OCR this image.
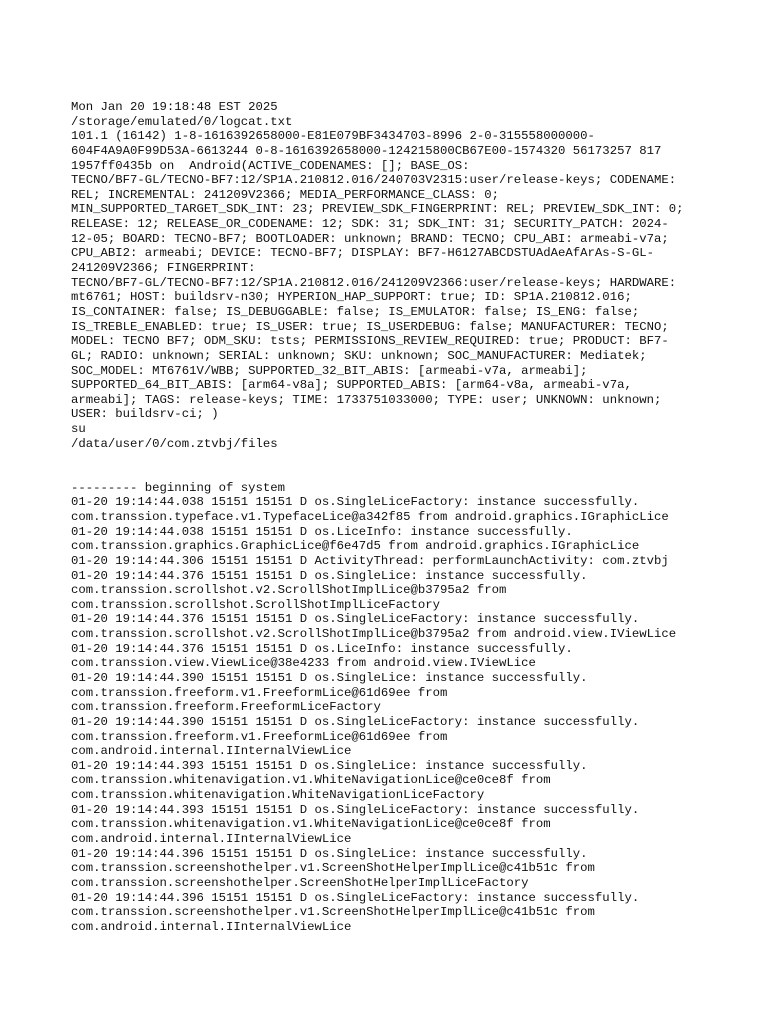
Mon Jan 20 19:18:48 EST 2025
/storage/emulated/0/logcat.txt
101.1 (16142) 1-8-1616392658000-E81E079BF3434703-8996 2-0-315558000000-
604F4A9A0F99D53A-6613244 0-8-1616392658000-124215800CB67E00-1574320 56173257 817
1957ff0435b on  Android(ACTIVE_CODENAMES: []; BASE_OS:
TECNO/BF7-GL/TECNO-BF7:12/SP1A.210812.016/240703V2315:user/release-keys; CODENAME:
REL; INCREMENTAL: 241209V2366; MEDIA_PERFORMANCE_CLASS: 0;
MIN_SUPPORTED_TARGET_SDK_INT: 23; PREVIEW_SDK_FINGERPRINT: REL; PREVIEW_SDK_INT: 0;
RELEASE: 12; RELEASE_OR_CODENAME: 12; SDK: 31; SDK_INT: 31; SECURITY_PATCH: 2024-
12-05; BOARD: TECNO-BF7; BOOTLOADER: unknown; BRAND: TECNO; CPU_ABI: armeabi-v7a;
CPU_ABI2: armeabi; DEVICE: TECNO-BF7; DISPLAY: BF7-H6127ABCDSTUAdAeAfArAs-S-GL-
241209V2366; FINGERPRINT:
TECNO/BF7-GL/TECNO-BF7:12/SP1A.210812.016/241209V2366:user/release-keys; HARDWARE:
mt6761; HOST: buildsrv-n30; HYPERION_HAP_SUPPORT: true; ID: SP1A.210812.016;
IS_CONTAINER: false; IS_DEBUGGABLE: false; IS_EMULATOR: false; IS_ENG: false;
IS_TREBLE_ENABLED: true; IS_USER: true; IS_USERDEBUG: false; MANUFACTURER: TECNO;
MODEL: TECNO BF7; ODM_SKU: tsts; PERMISSIONS_REVIEW_REQUIRED: true; PRODUCT: BF7-
GL; RADIO: unknown; SERIAL: unknown; SKU: unknown; SOC_MANUFACTURER: Mediatek;
SOC_MODEL: MT6761V/WBB; SUPPORTED_32_BIT_ABIS: [armeabi-v7a, armeabi];
SUPPORTED_64_BIT_ABIS: [arm64-v8a]; SUPPORTED_ABIS: [arm64-v8a, armeabi-v7a,
armeabi]; TAGS: release-keys; TIME: 1733751033000; TYPE: user; UNKNOWN: unknown;
USER: buildsrv-ci; )
su
/data/user/0/com.ztvbj/files
--------- beginning of system
01-20 19:14:44.038 15151 15151 D os.SingleLiceFactory: instance successfully.
com.transsion.typeface.v1.TypefaceLice@a342f85 from android.graphics.IGraphicLice
01-20 19:14:44.038 15151 15151 D os.LiceInfo: instance successfully.
com.transsion.graphics.GraphicLice@f6e47d5 from android.graphics.IGraphicLice
01-20 19:14:44.306 15151 15151 D ActivityThread: performLaunchActivity: com.ztvbj
01-20 19:14:44.376 15151 15151 D os.SingleLice: instance successfully.
com.transsion.scrollshot.v2.ScrollShotImplLice@b3795a2 from
com.transsion.scrollshot.ScrollShotImplLiceFactory
01-20 19:14:44.376 15151 15151 D os.SingleLiceFactory: instance successfully.
com.transsion.scrollshot.v2.ScrollShotImplLice@b3795a2 from android.view.IViewLice
01-20 19:14:44.376 15151 15151 D os.LiceInfo: instance successfully.
com.transsion.view.ViewLice@38e4233 from android.view.IViewLice
01-20 19:14:44.390 15151 15151 D os.SingleLice: instance successfully.
com.transsion.freeform.v1.FreeformLice@61d69ee from
com.transsion.freeform.FreeformLiceFactory
01-20 19:14:44.390 15151 15151 D os.SingleLiceFactory: instance successfully.
com.transsion.freeform.v1.FreeformLice@61d69ee from
com.android.internal.IInternalViewLice
01-20 19:14:44.393 15151 15151 D os.SingleLice: instance successfully.
com.transsion.whitenavigation.v1.WhiteNavigationLice@ce0ce8f from
com.transsion.whitenavigation.WhiteNavigationLiceFactory
01-20 19:14:44.393 15151 15151 D os.SingleLiceFactory: instance successfully.
com.transsion.whitenavigation.v1.WhiteNavigationLice@ce0ce8f from
com.android.internal.IInternalViewLice
01-20 19:14:44.396 15151 15151 D os.SingleLice: instance successfully.
com.transsion.screenshothelper.v1.ScreenShotHelperImplLice@c41b51c from
com.transsion.screenshothelper.ScreenShotHelperImplLiceFactory
01-20 19:14:44.396 15151 15151 D os.SingleLiceFactory: instance successfully.
com.transsion.screenshothelper.v1.ScreenShotHelperImplLice@c41b51c from
com.android.internal.IInternalViewLice
